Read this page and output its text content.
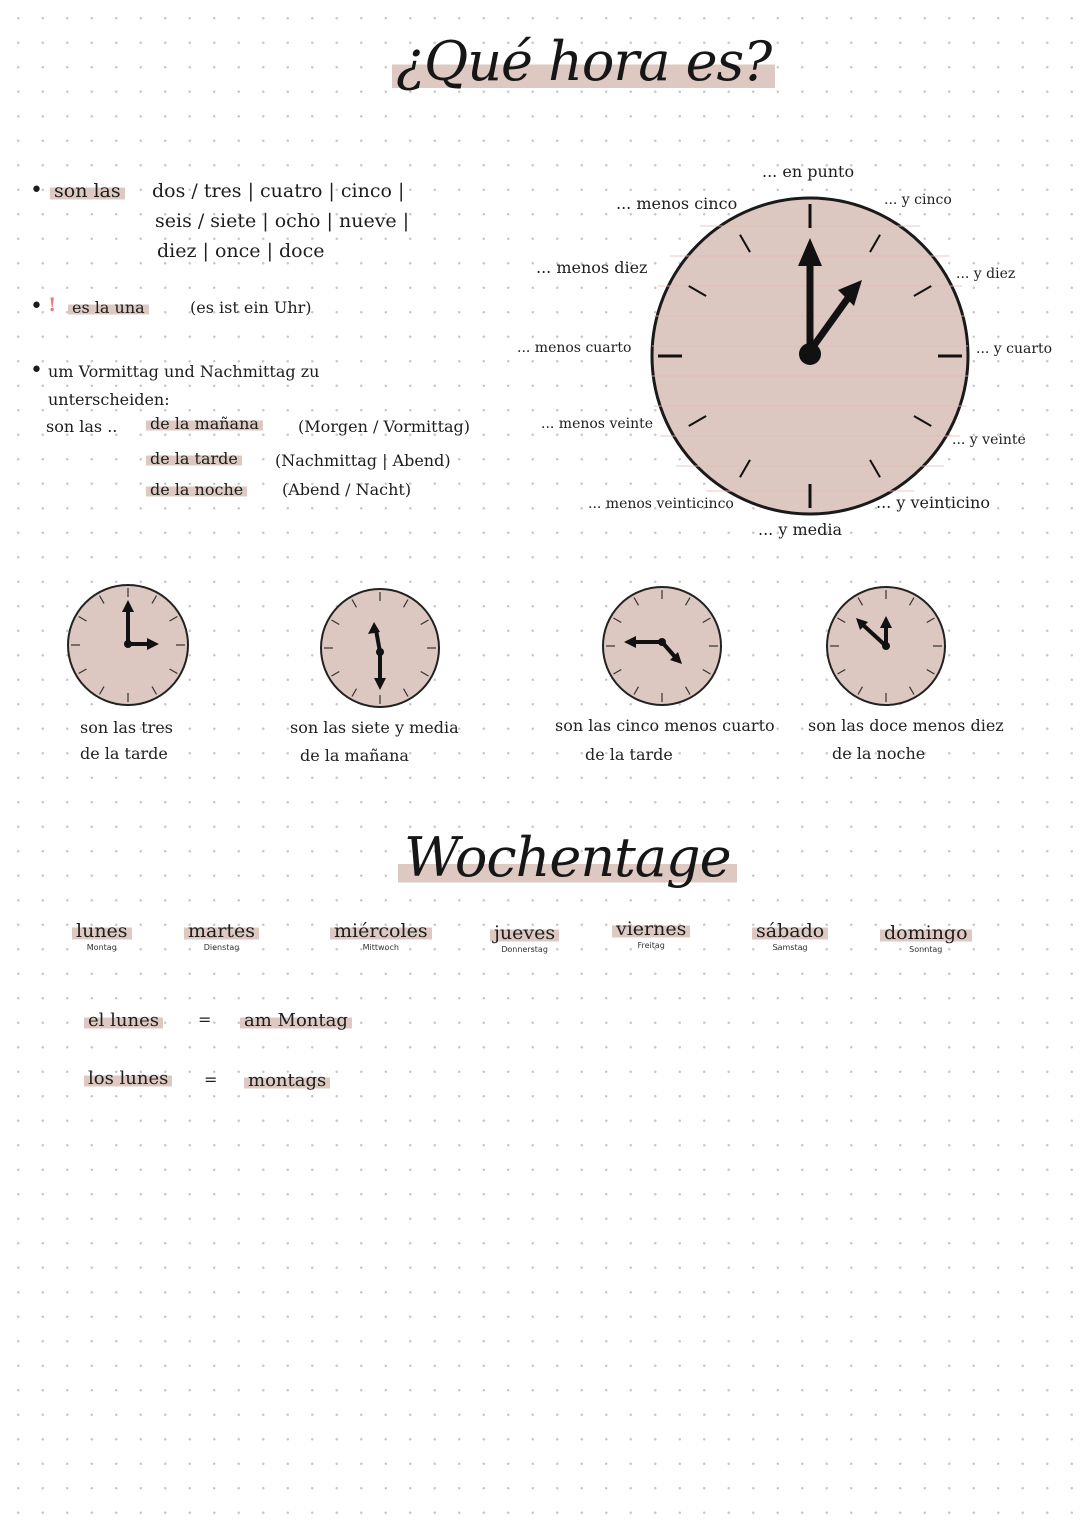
¿Qué hora es?
• son las dos / tres | cuatro | cinco |
seis / siete | ocho | nueve |
diez | once | doce
• ! es la una	(es ist ein Uhr)
• um Vormittag und Nachmittag zu
unterscheiden:
son las .. de la mañana (Morgen / Vormittag)
de la tarde (Nachmittag | Abend)
de la noche (Abend / Nacht)
... en punto
... y cinco
... y diez
... y cuarto
... y veinte
... y veinticino
... y media
... menos veinticinco
... menos veinte
... menos cuarto
... menos diez
... menos cinco
son las tres
de la tarde
son las siete y media
de la mañana
son las cinco menos cuarto
de la tarde
son las doce menos diez
de la noche
Wochentage
lunes
Montag
martes
Dienstag
miércoles
Mittwoch
jueves
Donnerstag
viernes
Freitag
sábado
Samstag
domingo
Sonntag
el lunes = am Montag
los lunes = montags
